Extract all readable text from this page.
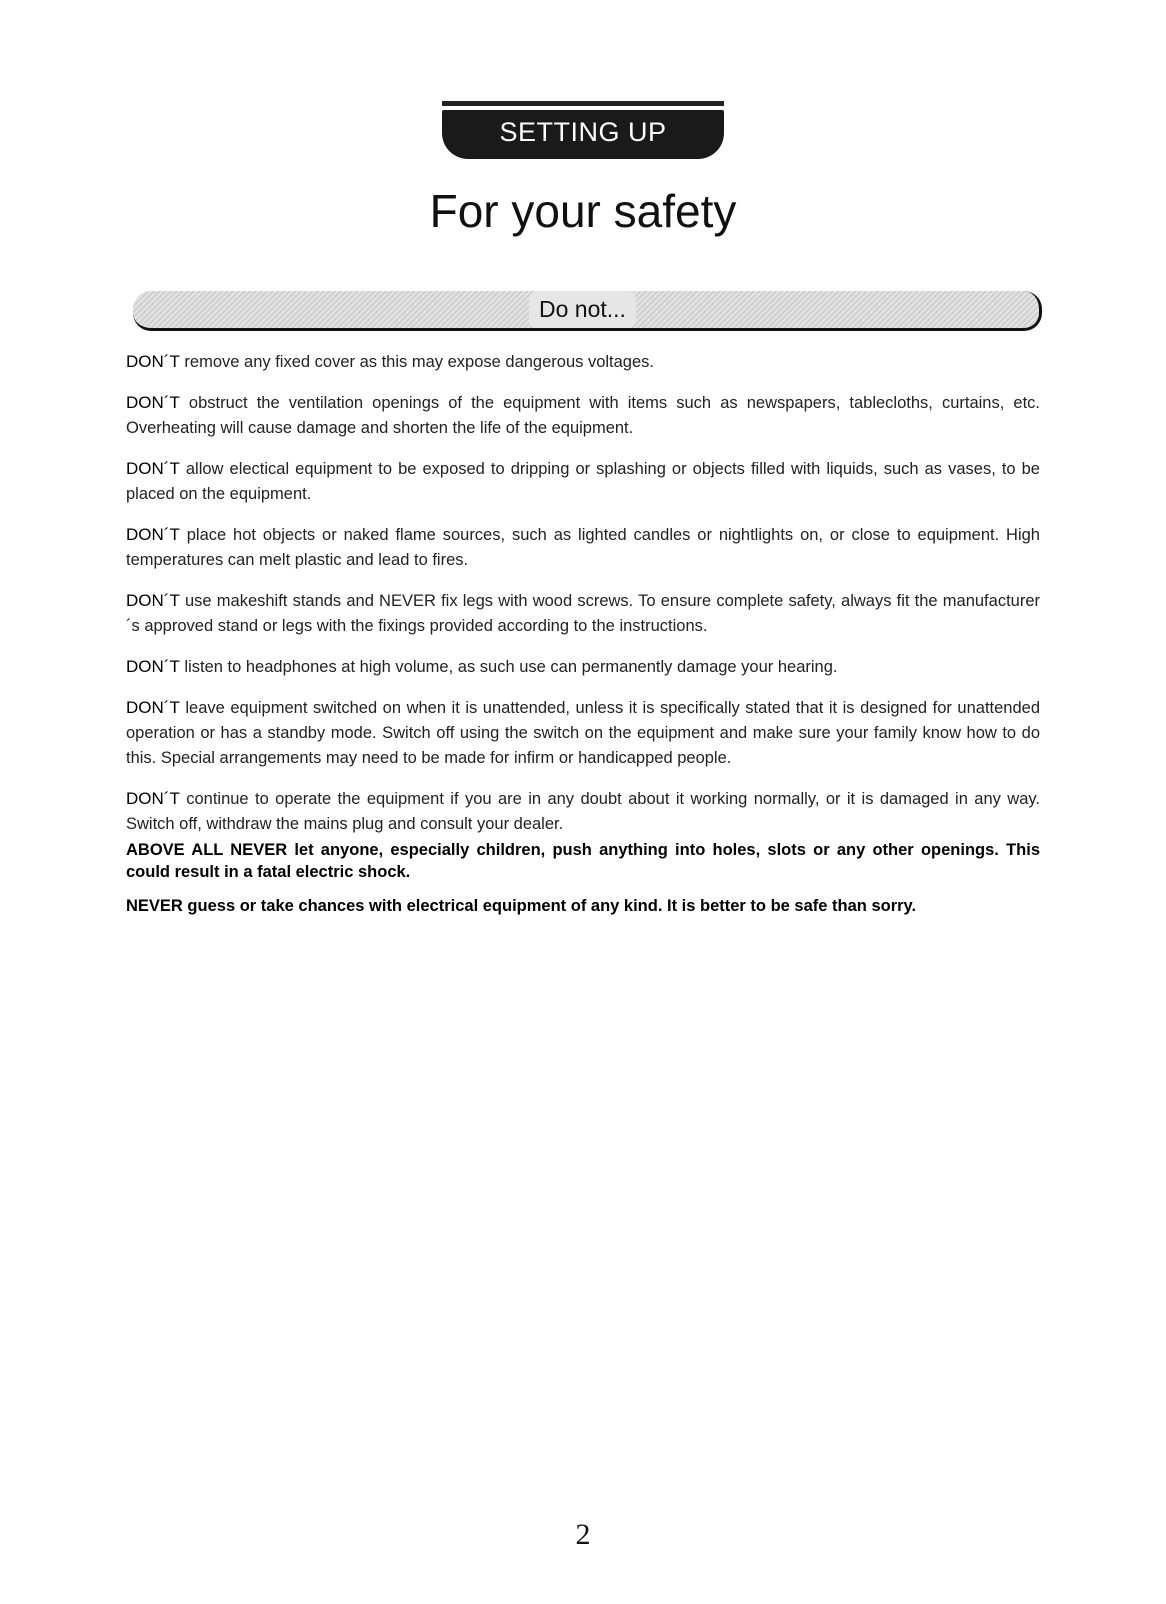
SETTING UP
For your safety
Do not...

DON´T remove any fixed cover as this may expose dangerous voltages.

DON´T obstruct the ventilation openings of the equipment with items such as newspapers, tablecloths, curtains, etc. Overheating will cause damage and shorten the life of the equipment.

DON´T allow electical equipment to be exposed to dripping or splashing or objects filled with liquids, such as vases, to be placed on the equipment.

DON´T place hot objects or naked flame sources, such as lighted candles or nightlights on, or close to equipment. High temperatures can melt plastic and lead to fires.

DON´T use makeshift stands and NEVER fix legs with wood screws. To ensure complete safety, always fit the manufacturer´s approved stand or legs with the fixings provided according to the instructions.

DON´T listen to headphones at high volume, as such use can permanently damage your hearing.

DON´T leave equipment switched on when it is unattended, unless it is specifically stated that it is designed for unattended operation or has a standby mode. Switch off using the switch on the equipment and make sure your family know how to do this. Special arrangements may need to be made for infirm or handicapped people.

DON´T continue to operate the equipment if you are in any doubt about it working normally, or it is damaged in any way. Switch off, withdraw the mains plug and consult your dealer.

ABOVE ALL NEVER let anyone, especially children, push anything into holes, slots or any other openings. This could result in a fatal electric shock.

NEVER guess or take chances with electrical equipment of any kind. It is better to be safe than sorry.

2
